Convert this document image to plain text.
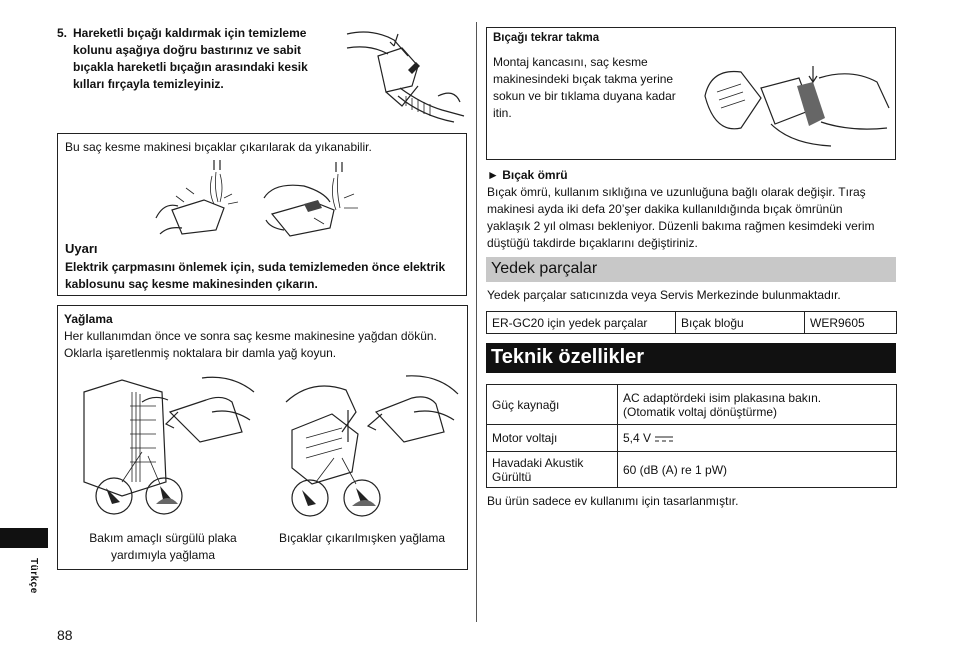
5. Hareketli bıçağı kaldırmak için temizleme
kolunu aşağıya doğru bastırınız ve sabit
bıçakla hareketli bıçağın arasındaki kesik
kılları fırçayla temizleyiniz.
Bu saç kesme makinesi bıçaklar çıkarılarak da yıkanabilir.
Uyarı
Elektrik çarpmasını önlemek için, suda temizlemeden önce elektrik
kablosunu saç kesme makinesinden çıkarın.
Yağlama
Her kullanımdan önce ve sonra saç kesme makinesine yağdan dökün.
Oklarla işaretlenmiş noktalara bir damla yağ koyun.
Bakım amaçlı sürgülü plaka
yardımıyla yağlama
Bıçaklar çıkarılmışken yağlama
Türkçe
88
Bıçağı tekrar takma
Montaj kancasını, saç kesme
makinesindeki bıçak takma yerine
sokun ve bir tıklama duyana kadar
itin.
► Bıçak ömrü
Bıçak ömrü, kullanım sıklığına ve uzunluğuna bağlı olarak değişir. Tıraş
makinesi ayda iki defa 20’şer dakika kullanıldığında bıçak ömrünün
yaklaşık 2 yıl olması bekleniyor. Düzenli bakıma rağmen kesimdeki verim
düştüğü takdirde bıçaklarını değiştiriniz.
Yedek parçalar
Yedek parçalar satıcınızda veya Servis Merkezinde bulunmaktadır.
ER-GC20 için yedek parçalar	Bıçak bloğu	WER9605
Teknik özellikler
Güç kaynağı	AC adaptördeki isim plakasına bakın.
(Otomatik voltaj dönüştürme)

Motor voltajı	5,4 V
Havadaki Akustik Gürültü	60 (dB (A) re 1 pW)
Bu ürün sadece ev kullanımı için tasarlanmıştır.
